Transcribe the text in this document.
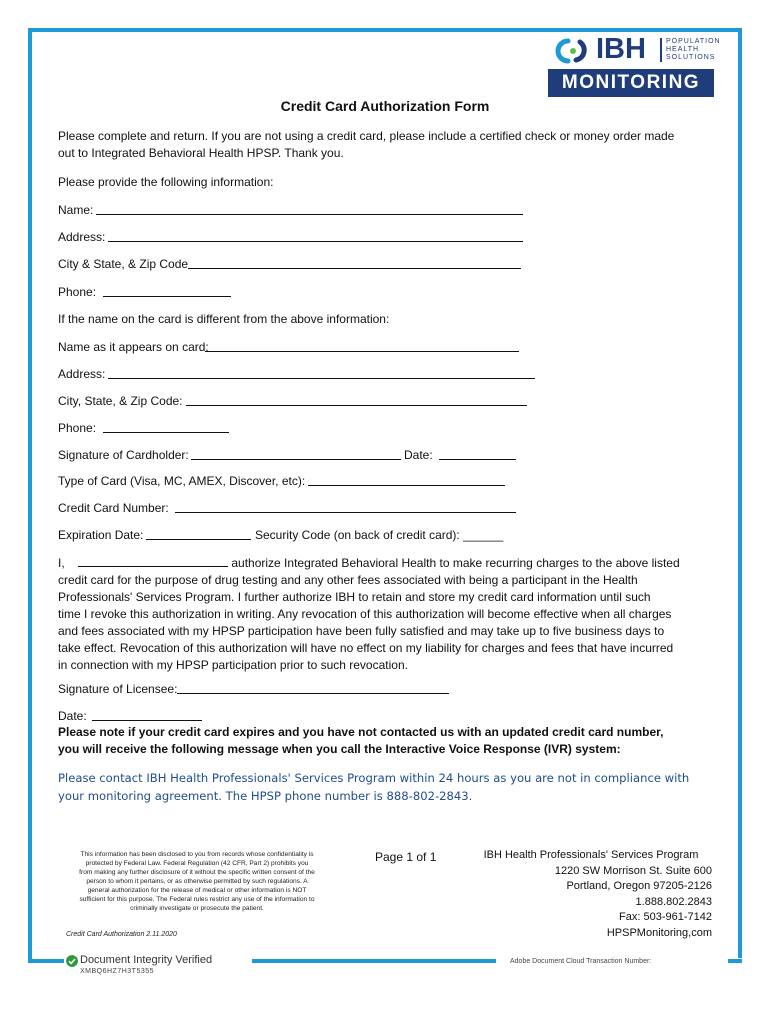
IBH	POPULATION
HEALTH
SOLUTIONS
MONITORING
Credit Card Authorization Form
Please complete and return. If you are not using a credit card, please include a certified check or money order made
out to Integrated Behavioral Health HPSP. Thank you.
Please provide the following information:
Name:
Address:
City & State, & Zip Code
Phone:
If the name on the card is different from the above information:
Name as it appears on card:
Address:
City, State, & Zip Code:
Phone:
Signature of Cardholder:	Date:
Type of Card (Visa, MC, AMEX, Discover, etc):
Credit Card Number:
Expiration Date:	Security Code (on back of credit card): ______
I,	authorize Integrated Behavioral Health to make recurring charges to the above listed
credit card for the purpose of drug testing and any other fees associated with being a participant in the Health
Professionals' Services Program. I further authorize IBH to retain and store my credit card information until such
time I revoke this authorization in writing. Any revocation of this authorization will become effective when all charges
and fees associated with my HPSP participation have been fully satisfied and may take up to five business days to
take effect. Revocation of this authorization will have no effect on my liability for charges and fees that have incurred
in connection with my HPSP participation prior to such revocation.
Signature of Licensee:
Date:
Please note if your credit card expires and you have not contacted us with an updated credit card number,
you will receive the following message when you call the Interactive Voice Response (IVR) system:
Please contact IBH Health Professionals' Services Program within 24 hours as you are not in compliance with
your monitoring agreement. The HPSP phone number is 888-802-2843.
This information has been disclosed to you from records whose confidentiality is
protected by Federal Law. Federal Regulation (42 CFR, Part 2) prohibits you
from making any further disclosure of it without the specific written consent of the
person to whom it pertains, or as otherwise permitted by such regulations. A
general authorization for the release of medical or other information is NOT
sufficient for this purpose. The Federal rules restrict any use of the information to
criminally investigate or prosecute the patient.
Credit Card Authorization 2.11.2020
Page 1 of 1	IBH Health Professionals' Services Program
1220 SW Morrison St. Suite 600
Portland, Oregon 97205-2126
1.888.802.2843
Fax: 503-961-7142
HPSPMonitoring,com
Document Integrity Verified
XMBQ6HZ7H3T5355
Adobe Document Cloud Transaction Number:
